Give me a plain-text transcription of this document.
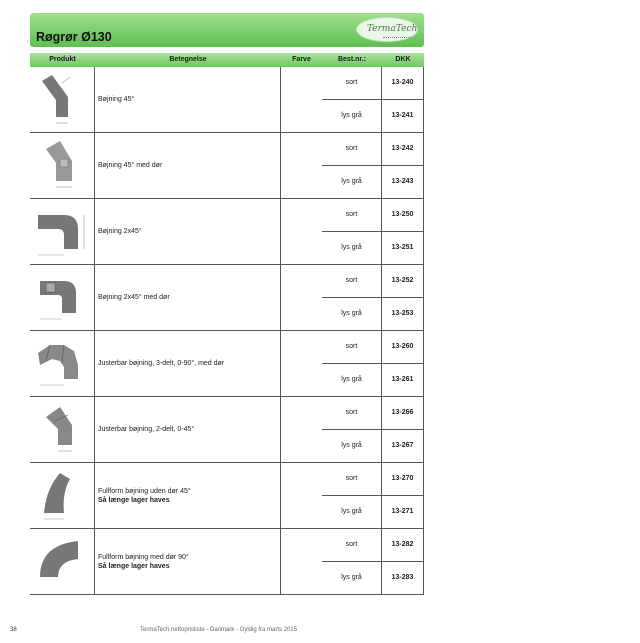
Røgrør Ø130
TermaTech
Produkt	Betegnelse	Farve	Best.nr.:	DKK
Bøjning 45°
sort	13-240
lys grå	13-241
Bøjning 45° med dør
sort	13-242
lys grå	13-243
Bøjning 2x45°
sort	13-250
lys grå	13-251
Bøjning 2x45° med dør
sort	13-252
lys grå	13-253
Justerbar bøjning, 3-delt, 0-90°, med dør
sort	13-260
lys grå	13-261
Justerbar bøjning, 2-delt, 0-45°
sort	13-266
lys grå	13-267
Fullform bøjning uden dør 45°
Så længe lager haves
sort	13-270
lys grå	13-271
Fullform bøjning med dør 90°
Så længe lager haves
sort	13-282
lys grå	13-283
38	TermaTech nettoprisliste - Danmark - Gyldig fra marts 2015
